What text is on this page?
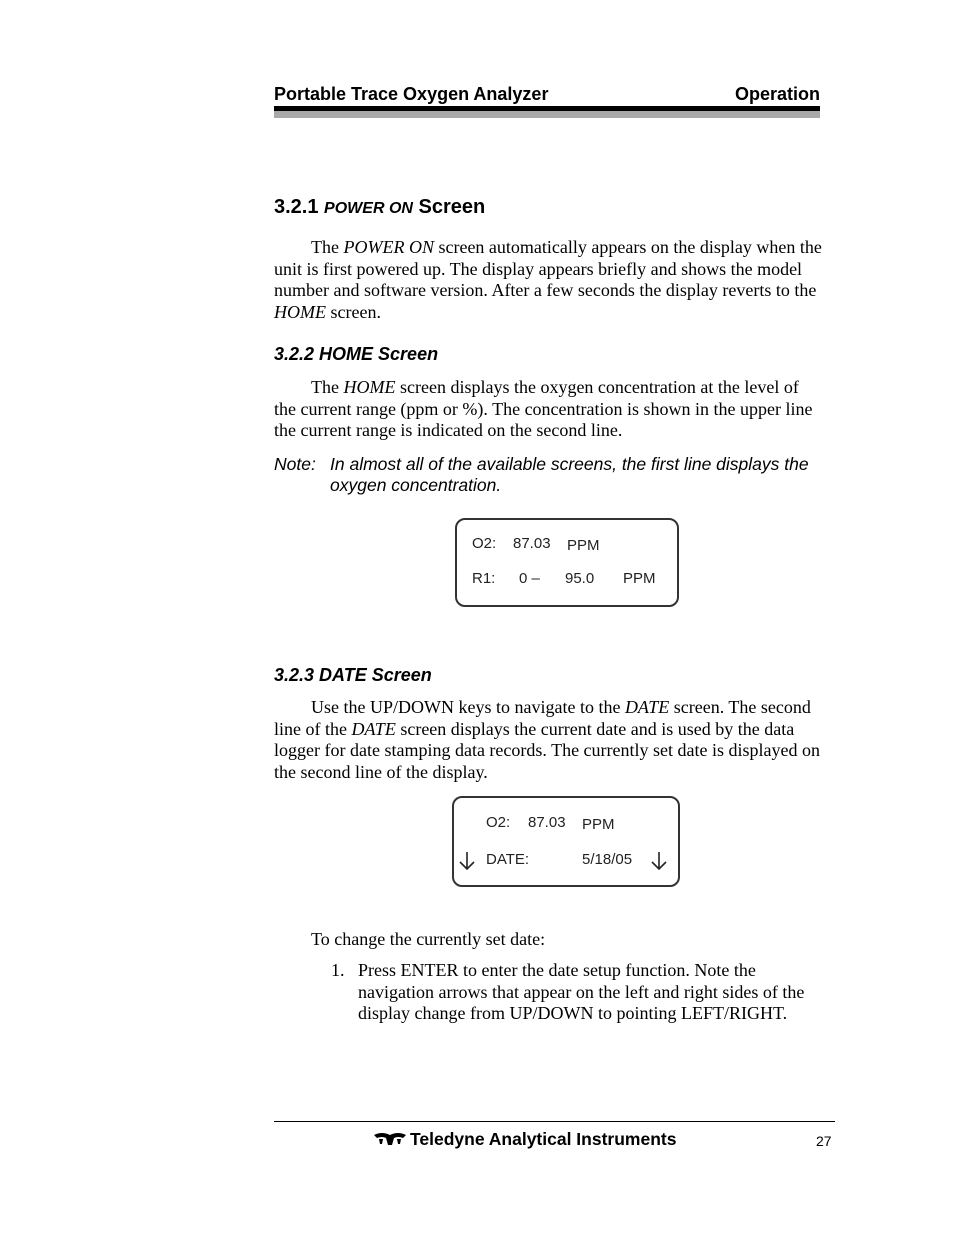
Portable Trace Oxygen Analyzer	Operation
3.2.1 POWER ON Screen
The POWER ON screen automatically appears on the display when the unit is first powered up. The display appears briefly and shows the model number and software version. After a few seconds the display reverts to the HOME screen.
3.2.2 HOME Screen
The HOME screen displays the oxygen concentration at the level of the current range (ppm or %). The concentration is shown in the upper line the current range is indicated on the second line.
Note: In almost all of the available screens, the first line displays the oxygen concentration.
O2: 87.03 PPM
R1: 0 – 95.0 PPM
3.2.3 DATE Screen
Use the UP/DOWN keys to navigate to the DATE screen. The second line of the DATE screen displays the current date and is used by the data logger for date stamping data records. The currently set date is displayed on the second line of the display.
O2: 87.03 PPM
DATE:	5/18/05
To change the currently set date:
1. Press ENTER to enter the date setup function. Note the navigation arrows that appear on the left and right sides of the display change from UP/DOWN to pointing LEFT/RIGHT.
Teledyne Analytical Instruments	27
